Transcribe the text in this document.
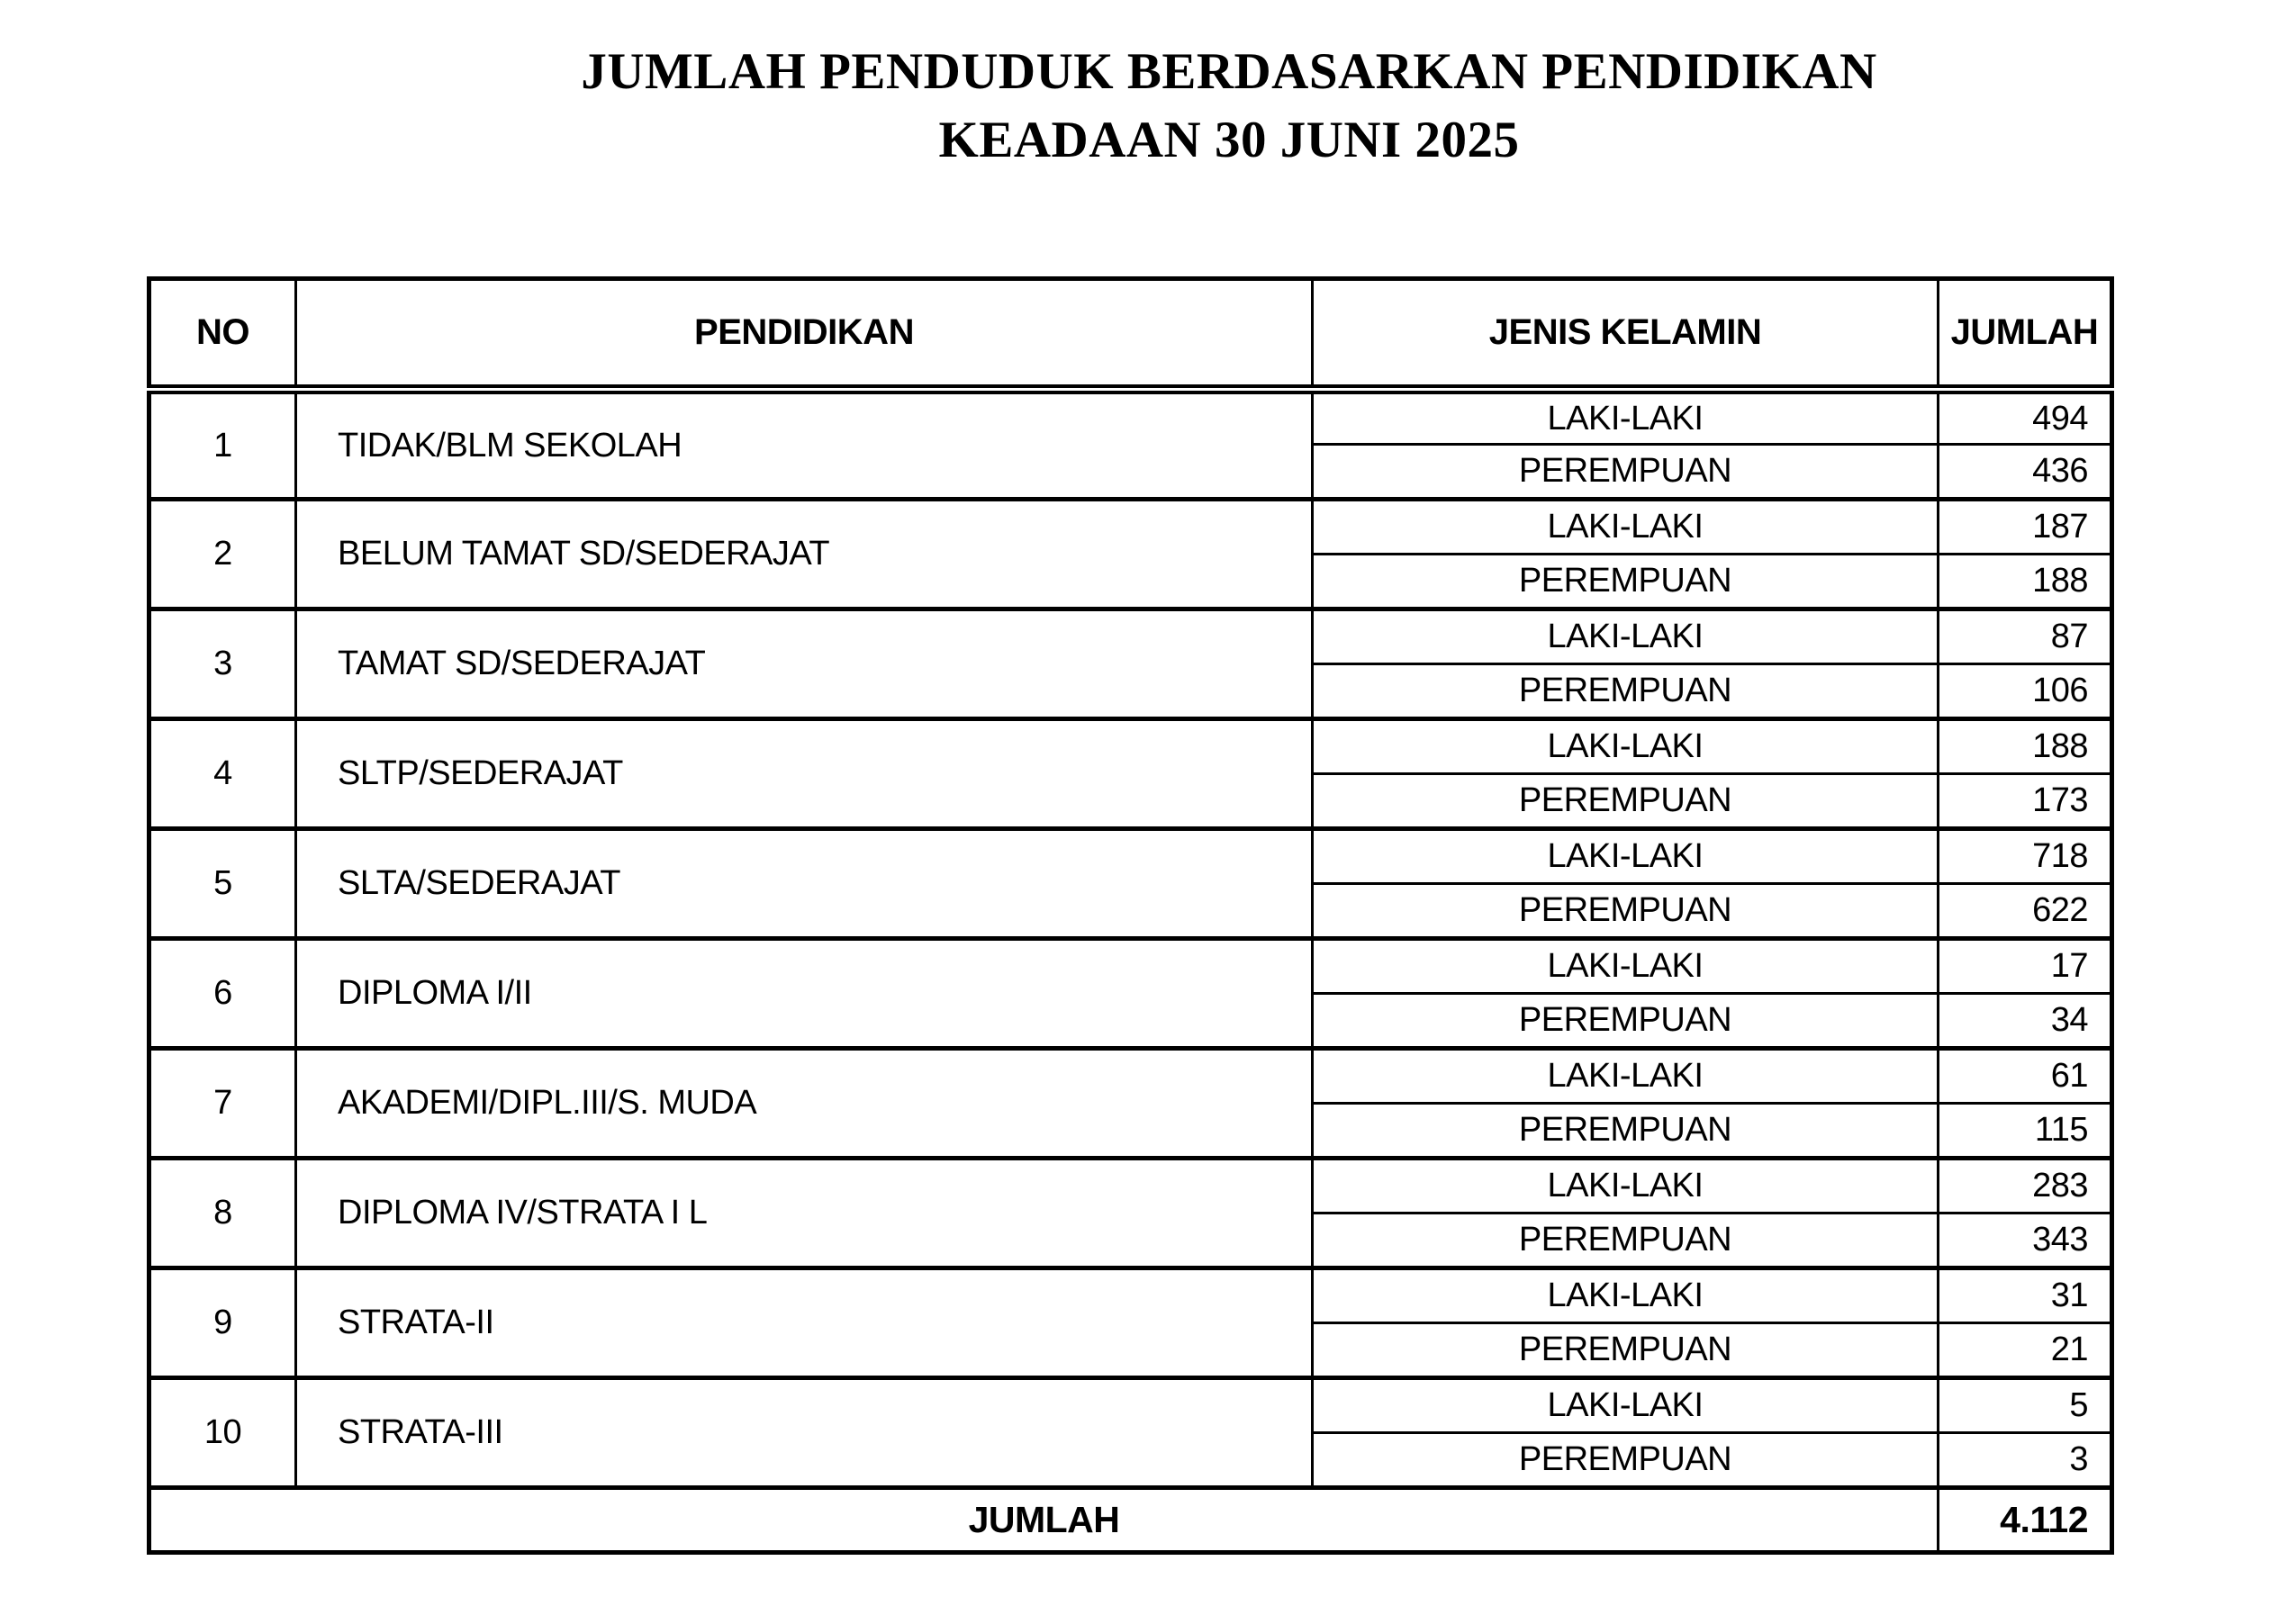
JUMLAH PENDUDUK BERDASARKAN PENDIDIKAN
KEADAAN 30 JUNI 2025
NO	PENDIDIKAN	JENIS KELAMIN	JUMLAH
1	TIDAK/BLM SEKOLAH	LAKI-LAKI	494
		PEREMPUAN	436
2	BELUM TAMAT SD/SEDERAJAT	LAKI-LAKI	187
		PEREMPUAN	188
3	TAMAT SD/SEDERAJAT	LAKI-LAKI	87
		PEREMPUAN	106
4	SLTP/SEDERAJAT	LAKI-LAKI	188
		PEREMPUAN	173
5	SLTA/SEDERAJAT	LAKI-LAKI	718
		PEREMPUAN	622
6	DIPLOMA I/II	LAKI-LAKI	17
		PEREMPUAN	34
7	AKADEMI/DIPL.III/S. MUDA	LAKI-LAKI	61
		PEREMPUAN	115
8	DIPLOMA IV/STRATA I L	LAKI-LAKI	283
		PEREMPUAN	343
9	STRATA-II	LAKI-LAKI	31
		PEREMPUAN	21
10	STRATA-III	LAKI-LAKI	5
		PEREMPUAN	3
JUMLAH			4.112
